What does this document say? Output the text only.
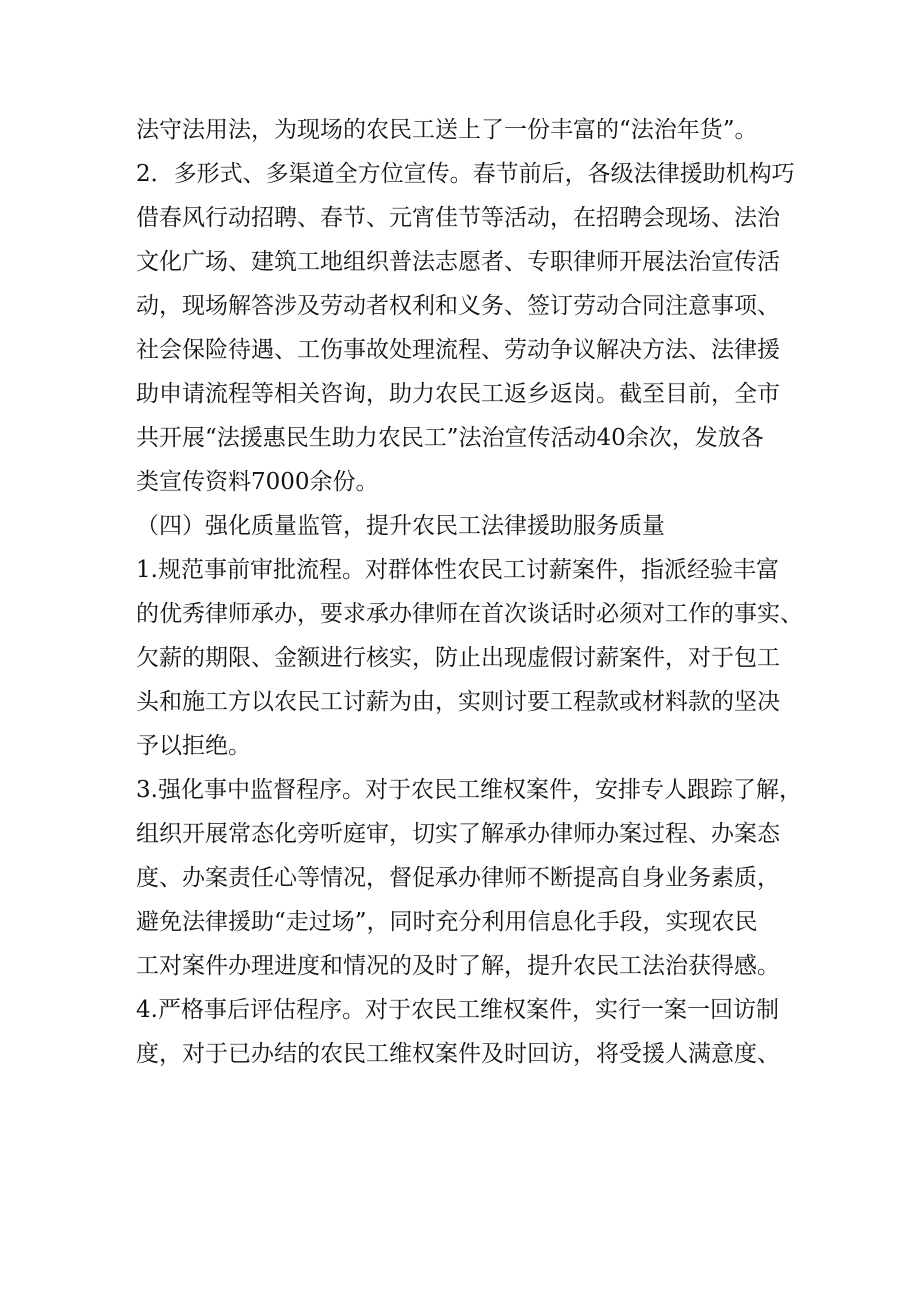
法守法用法，为现场的农民工送上了一份丰富的“法治年货”。
2．多形式、多渠道全方位宣传。春节前后，各级法律援助机构巧
借春风行动招聘、春节、元宵佳节等活动，在招聘会现场、法治
文化广场、建筑工地组织普法志愿者、专职律师开展法治宣传活
动，现场解答涉及劳动者权利和义务、签订劳动合同注意事项、
社会保险待遇、工伤事故处理流程、劳动争议解决方法、法律援
助申请流程等相关咨询，助力农民工返乡返岗。截至目前，全市
共开展“法援惠民生助力农民工”法治宣传活动40余次，发放各
类宣传资料7000余份。
（四）强化质量监管，提升农民工法律援助服务质量
1.规范事前审批流程。对群体性农民工讨薪案件，指派经验丰富
的优秀律师承办，要求承办律师在首次谈话时必须对工作的事实、
欠薪的期限、金额进行核实，防止出现虚假讨薪案件，对于包工
头和施工方以农民工讨薪为由，实则讨要工程款或材料款的坚决
予以拒绝。
3.强化事中监督程序。对于农民工维权案件，安排专人跟踪了解，
组织开展常态化旁听庭审，切实了解承办律师办案过程、办案态
度、办案责任心等情况，督促承办律师不断提高自身业务素质，
避免法律援助“走过场”，同时充分利用信息化手段，实现农民
工对案件办理进度和情况的及时了解，提升农民工法治获得感。
4.严格事后评估程序。对于农民工维权案件，实行一案一回访制
度，对于已办结的农民工维权案件及时回访，将受援人满意度、
